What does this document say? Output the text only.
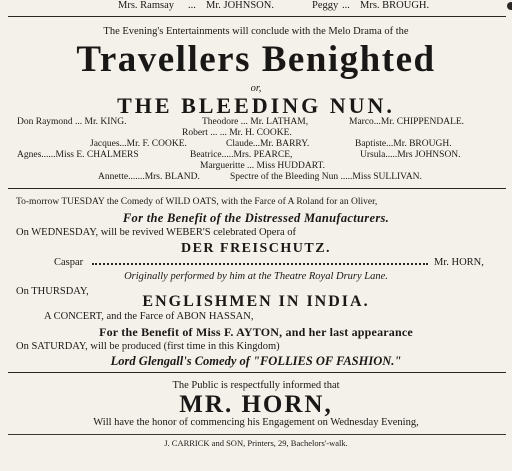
Mrs. Ramsay ... Mr. JOHNSON.	Peggy ... Mrs. BROUGH.
The Evening's Entertainments will conclude with the Melo Drama of the
Travellers Benighted
or,
THE BLEEDING NUN.
Don Raymond ... Mr. KING.	Theodore ... Mr. LATHAM,	Marco...Mr. CHIPPENDALE.
Robert ... ... Mr. H. COOKE.
Jacques...Mr. F. COOKE.	Claude...Mr. BARRY.	Baptiste...Mr. BROUGH.
Agnes......Miss E. CHALMERS	Beatrice.....Mrs. PEARCE,	Ursula.....Mrs JOHNSON.
Margueritte ... Miss HUDDART.
Annette.......Mrs. BLAND.	Spectre of the Bleeding Nun .....Miss SULLIVAN.
To-morrow TUESDAY the Comedy of WILD OATS, with the Farce of A Roland for an Oliver,
For the Benefit of the Distressed Manufacturers.
On WEDNESDAY, will be revived WEBER'S celebrated Opera of
DER FREISCHUTZ.
Caspar	Mr. HORN,
Originally performed by him at the Theatre Royal Drury Lane.
On THURSDAY,
ENGLISHMEN IN INDIA.
A CONCERT, and the Farce of ABON HASSAN,
For the Benefit of Miss F. AYTON, and her last appearance
On SATURDAY, will be produced (first time in this Kingdom)
Lord Glengall's Comedy of "FOLLIES OF FASHION."
The Public is respectfully informed that
MR. HORN,
Will have the honor of commencing his Engagement on Wednesday Evening,
J. CARRICK and SON, Printers, 29, Bachelors'-walk.
